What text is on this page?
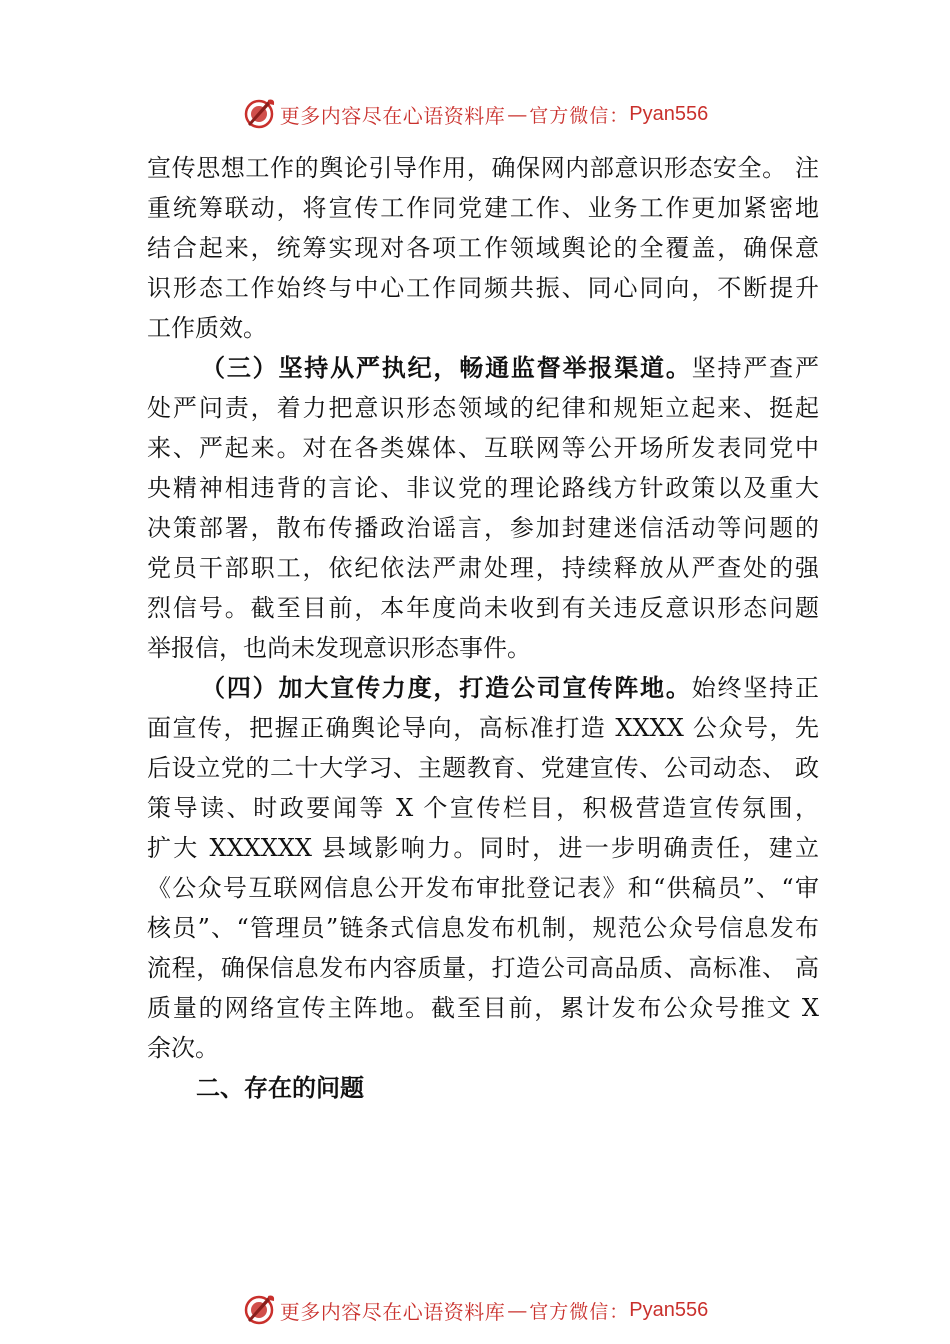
更多内容尽在心语资料库 — 官方微信： Pyan556
宣传思想工作的舆论引导作用，确保网内部意识形态安全。 注
重统筹联动，将宣传工作同党建工作、业务工作更加紧密地
结合起来，统筹实现对各项工作领域舆论的全覆盖，确保意
识形态工作始终与中心工作同频共振、同心同向，不断提升
工作质效。
（三）坚持从严执纪，畅通监督举报渠道。坚持严查严
处严问责，着力把意识形态领域的纪律和规矩立起来、挺起
来、严起来。对在各类媒体、互联网等公开场所发表同党中
央精神相违背的言论、非议党的理论路线方针政策以及重大
决策部署，散布传播政治谣言，参加封建迷信活动等问题的
党员干部职工，依纪依法严肃处理，持续释放从严查处的强
烈信号。截至目前，本年度尚未收到有关违反意识形态问题
举报信，也尚未发现意识形态事件。
（四）加大宣传力度，打造公司宣传阵地。始终坚持正
面宣传，把握正确舆论导向，高标准打造 XXXX 公众号，先
后设立党的二十大学习、主题教育、党建宣传、公司动态、 政
策导读、时政要闻等 X 个宣传栏目，积极营造宣传氛围，
扩大 XXXXXX 县域影响力。同时，进一步明确责任，建立
《公众号互联网信息公开发布审批登记表》和“供稿员”、“审
核员”、“管理员”链条式信息发布机制，规范公众号信息发布
流程，确保信息发布内容质量，打造公司高品质、高标准、 高
质量的网络宣传主阵地。截至目前，累计发布公众号推文 X
余次。
二、存在的问题
更多内容尽在心语资料库 — 官方微信： Pyan556
